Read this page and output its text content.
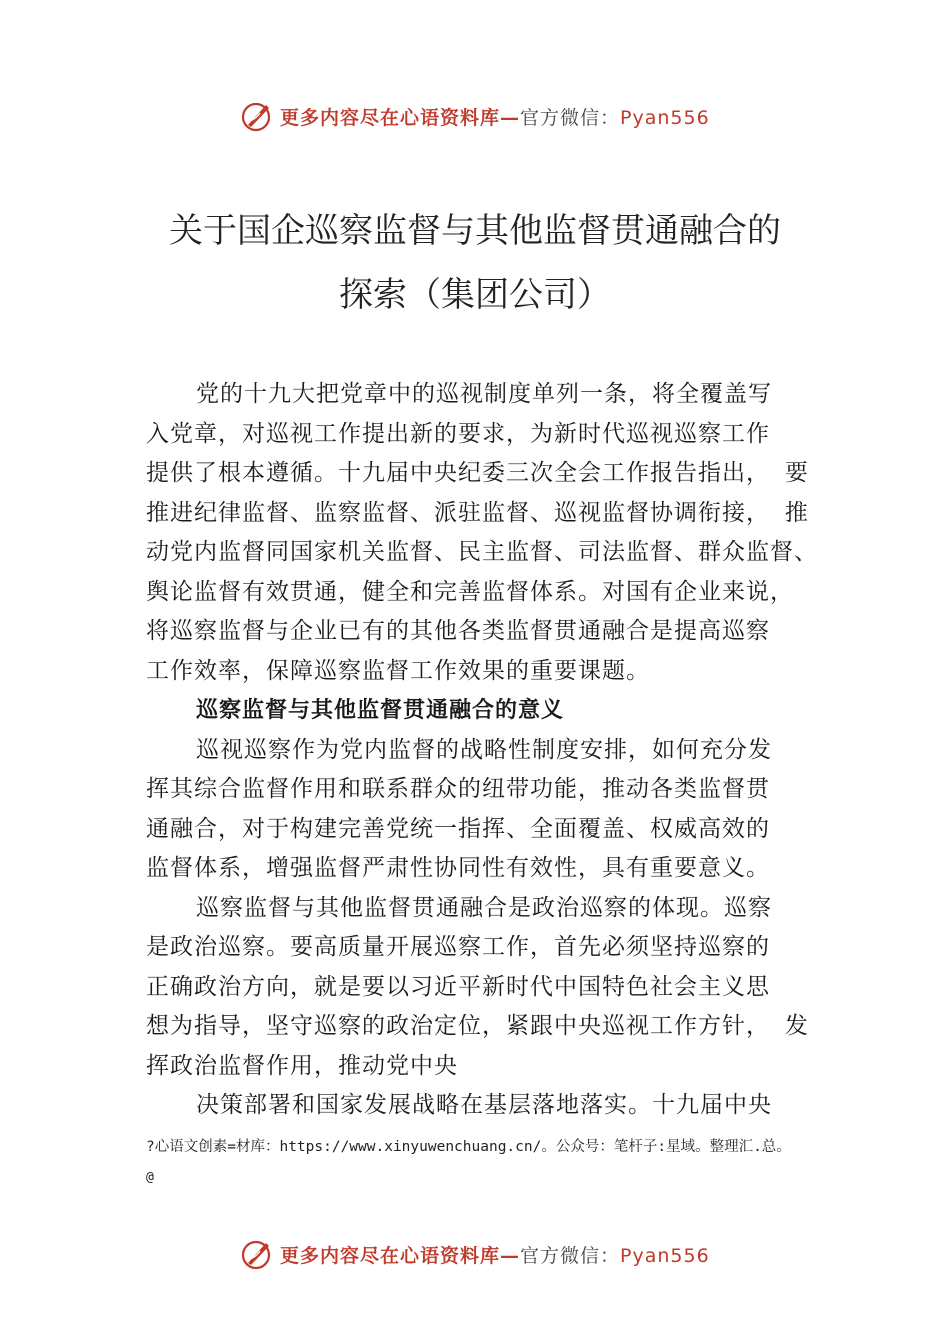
更多内容尽在心语资料库—官方微信：Pyan556
关于国企巡察监督与其他监督贯通融合的
探索（集团公司）
党的十九大把党章中的巡视制度单列一条，将全覆盖写
入党章，对巡视工作提出新的要求，为新时代巡视巡察工作
提供了根本遵循。十九届中央纪委三次全会工作报告指出， 要
推进纪律监督、监察监督、派驻监督、巡视监督协调衔接， 推
动党内监督同国家机关监督、民主监督、司法监督、群众监督、
舆论监督有效贯通，健全和完善监督体系。对国有企业来说，
将巡察监督与企业已有的其他各类监督贯通融合是提高巡察
工作效率，保障巡察监督工作效果的重要课题。
巡察监督与其他监督贯通融合的意义
巡视巡察作为党内监督的战略性制度安排，如何充分发
挥其综合监督作用和联系群众的纽带功能，推动各类监督贯
通融合，对于构建完善党统一指挥、全面覆盖、权威高效的
监督体系，增强监督严肃性协同性有效性，具有重要意义。
巡察监督与其他监督贯通融合是政治巡察的体现。巡察
是政治巡察。要高质量开展巡察工作，首先必须坚持巡察的
正确政治方向，就是要以习近平新时代中国特色社会主义思
想为指导，坚守巡察的政治定位，紧跟中央巡视工作方针， 发
挥政治监督作用，推动党中央
决策部署和国家发展战略在基层落地落实。十九届中央
?心语文创素=材库：https://www.xinyuwenchuang.cn/。公众号：笔杆子:星域。整理汇.总。
@
更多内容尽在心语资料库—官方微信：Pyan556
